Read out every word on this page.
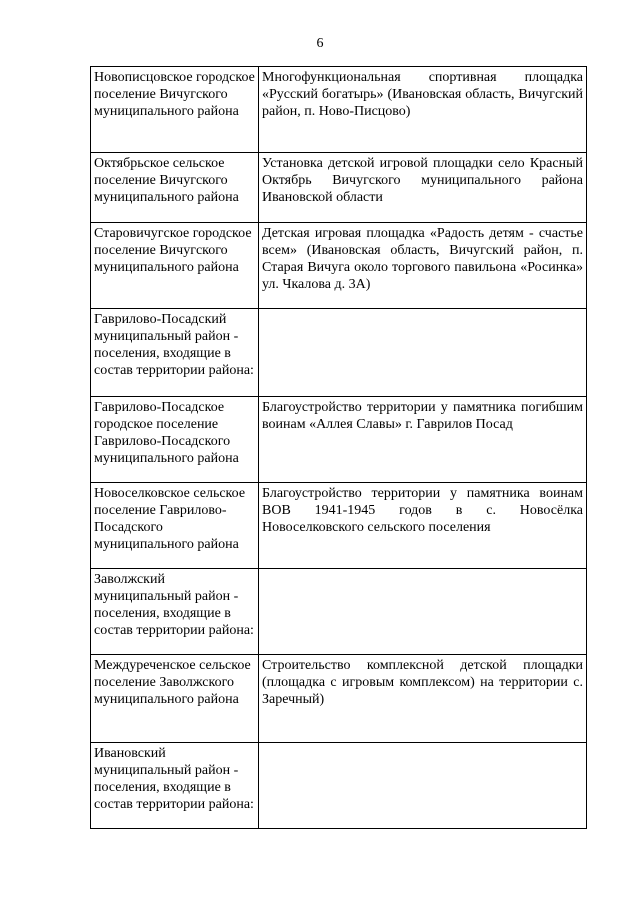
6
Новописцовское городское поселение Вичугского муниципального района	Многофункциональная спортивная площадка «Русский богатырь» (Ивановская область, Вичугский район, п. Ново-Писцово)
Октябрьское сельское поселение Вичугского муниципального района	Установка детской игровой площадки село Красный Октябрь Вичугского муниципального района Ивановской области
Старовичугское городское поселение Вичугского муниципального района	Детская игровая площадка «Радость детям - счастье всем» (Ивановская область, Вичугский район, п. Старая Вичуга около торгового павильона «Росинка» ул. Чкалова д. 3А)
Гаврилово-Посадский муниципальный район - поселения, входящие в состав территории района:	
Гаврилово-Посадское городское поселение Гаврилово-Посадского муниципального района	Благоустройство территории у памятника погибшим воинам «Аллея Славы» г. Гаврилов Посад
Новоселковское сельское поселение Гаврилово-Посадского муниципального района	Благоустройство территории у памятника воинам ВОВ 1941-1945 годов в с. Новосёлка Новоселковского сельского поселения
Заволжский муниципальный район - поселения, входящие в состав территории района:	
Междуреченское сельское поселение Заволжского муниципального района	Строительство комплексной детской площадки (площадка с игровым комплексом) на территории с. Заречный)
Ивановский муниципальный район - поселения, входящие в состав территории района:	
